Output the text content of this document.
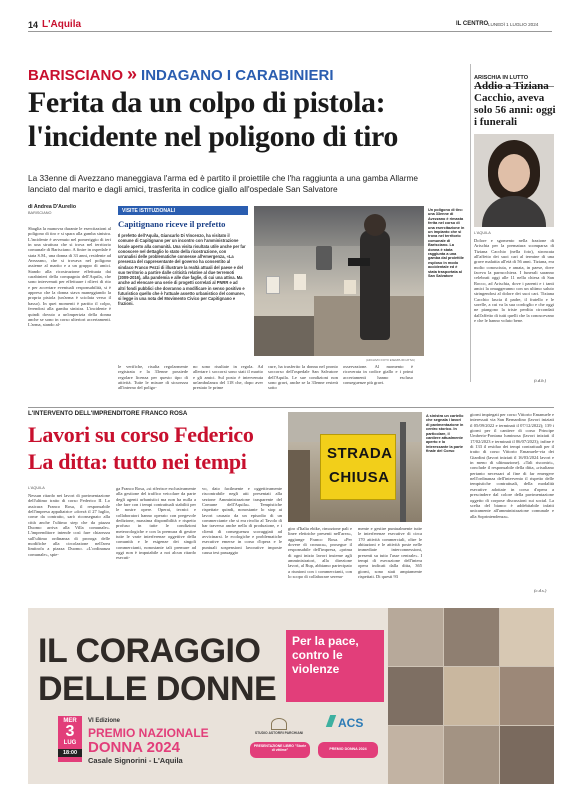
14 L'Aquila	IL CENTRO LUNEDÌ 1 LUGLIO 2024
BARISCIANO » INDAGANO I CARABINIERI
Ferita da un colpo di pistola:
l'incidente nel poligono di tiro
La 33enne di Avezzano maneggiava l'arma ed è partito il proiettile che l'ha raggiunta a una gamba Allarme lanciato dal marito e dagli amici, trasferita in codice giallo all'ospedale San Salvatore
di Andrea D'Aurelio
BARISCIANO
Sbaglia la manovra durante le esercitazioni al poligono di tiro e si spara alla gamba sinistra. L'incidente è avvenuto nel pomeriggio di ieri in una struttura che si trova nel territorio comunale di Barisciano. A finire in ospedale è stata S.M., una donna di 33 anni, residente ad Avezzano, che si trovava nel poligono assieme al marito e a un gruppo di amici. Stando alla ricostruzione effettuata dai carabinieri della compagnia dell'Aquila, che sono intervenuti per effettuare i rilievi di rito e per accertare eventuali responsabilità, si è appreso che la donna stava maneggiando la propria pistola (un'arma è sciolata verso il basso). In quei momenti è partito il colpo, ferendosi alla gamba sinistra. L'incidente è quindi dovuto a un'imperizia della donna anche se sono in corso ulteriori accertamenti. L'arma, stando al-
VISITE ISTITUZIONALI
Capitignano riceve il prefetto
Il prefetto dell'Aquila, Giancarlo Di Vincenzo, ha visitato il comune di Capitignano per un incontro con l'amministrazione locale aperto alla comunità. Una visita risultata utile anche per far conoscere nel dettaglio lo stato della ricostruzione, con un'analisi delle problematiche connesse all'emergenza, «La presenza del rappresentante del governo ha consentito al sindaco Franco Pezzi di illustrare la realtà attuali del paese e del suo territorio a partire dalle criticità relative al due terremoti (2009-2016), alla pandemia e alle due faglie, di cui una attiva. Ma anche ad elencare una serie di progetti correlati al PNRR e ad altri fondi pubblici che dovranno a modificare in senso positivo e futuristico quello che è l'attuale assetto urbanistico del comune», si legge in una nota del Movimento Civico per Capitignano e frazioni.
(ARCHIVIO FOTO ESEMPLIFICATIVA)
Un poligono di tiro: una 33enne di Avezzano è rimasta ferita nel corso di una esercitazione in un impianto che si trova nel territorio comunale di Barisciano. La donna è stata raggiunta a una gamba dal proiettile esploso in modo accidentale ed è stata trasportata al San Salvatore
le verifiche, risulta regolarmente registrata e la 33enne possiede regolare licenza per questo tipo di attività. Tutte le misure di sicurezza all'interno del poligo-
no sono risultate in regola. Ad allertare i soccorsi sono stati il marito e gli amici. Sul posto è intervenuta un'ambulanza del 118 che, dopo aver prestato le prime
cure, ha trasferito la donna nel pronto soccorso dell'ospedale San Salvatore dell'Aquila. Le sue condizioni non sono gravi, anche se la 33enne resterà sotto
osservazione. Al momento è ricoverata in codice giallo e i primi accertamenti hanno escluso conseguenze più gravi.
ARISCHIA IN LUTTO
Addio a Tiziana Cacchio, aveva solo 56 anni: oggi i funerali
L'AQUILA
Dolore e sgomento nella frazione di Arischia per la prematura scomparsa di Tiziana Cacchio (nella foto), stroncata all'affetto dei suoi cari al termine di una grave malattia all'età di 56 anni. Tiziana, era molto conosciuta, e amata, in paese, dove faceva la parrucchiera. I funerali saranno celebrati oggi alle 11 nella chiesa di San Rocco, ad Arischia, dove i parenti e i tanti amici la omaggeranno con un ultimo saluto stringendosi al dolore dei suoi cari. Tiziana Cacchio lascia il padre, il fratello e le sorelle, a cui va la sua cordoglio e che oggi ne piangono la triste perdita circondati dall'affetto di tutti quelli che la conoscevano e che le hanno voluto bene.
(t.d.b.)
L'INTERVENTO DELL'IMPRENDITORE FRANCO ROSA
Lavori su corso Federico
La ditta: tutto nei tempi
L'AQUILA
Nessun ritardo nei lavori di pavimentazione dell'ultimo tratto di corso Federico II. Lo assicura Franco Rosa, il responsabile dell'impresa appaltatrice «dovrà il 27 luglio, come da contratto, sarò riconsegnato alla città anche l'ultimo step che da piazza Duomo arriva alla Villa comunale». L'imprenditore intende così fare chiarezza sull'ultimo ordinanza di proroga delle modifiche alla circolazione nell'area limitrofa a piazza Duomo. «L'ordinanza comunale», spie-
ga Franco Rosa, «si riferisce esclusivamente alla gestione del traffico veicolare da parte degli agenti urbanistici ma non ha nulla a che fare con i tempi contrattuali stabiliti per le nostre opere. Operai, tecnici e collaboratori hanno operato con pregevole dedizione, massima disponibilità e rispetto profuso in tutte le condizioni meteorologiche e con la premura di gestire tutte le varie interferenze oggettive della comunità e le esigenze dei singoli commercianti, nonostante tali premure ad oggi non è imputabile a noi alcun ritardo esecuti-
vo, dato facilmente e oggettivamente riscontrabile negli atti presentati alla sezione Amministrazione trasparente del Comune dell'Aquila». Tempistiche rispettate quindi, nonostante lo stop ai lavori causato da un episodio di un commerciante che si era rivolto al Tavolo di bar traverso anche nella di produzione, e i clienti di conseguenza scoraggiati ad avvicinarsi. le ecologiche e problematiche esecutive emerse in corso d'opera e le puntuali sospensioni lavorative imposte causa test passaggio
STRADA
CHIUSA
A sinistra un cartello che segnala i lavori di pavimentazione in centro storico. In particolare, il cantiere attualmente aperto e lo interessante la parte finale del Corso
giro d'Italia ebike, rimozione pali e linee elettriche presenti nell'area», aggiunge Franco Rosa. «Per dovere di cronaca», prosegue il responsabile dell'impresa, «prima di ogni inizio lavori insieme agli amministratori, alla direzione lavori, al Rup, abbiamo partecipato a riunioni con i commercianti, con lo scopo di collaborare serena-
mente e gestire puntualmente tutte le interferenze esecutive di circa 170 attività commerciali, oltre le abitazioni e le attività poste nelle immediate interconnessioni, presenti su tutto l'asse centrale». I tempi di esecuzione dell'intera opera indicati dalla ditta, 365 giorni, sono stati ampiamente rispettati. Di questi 93
giorni impiegati per corso Vittorio Emanuele e interessati via San Bernardino (lavori iniziati il 05/09/2022 e terminati il 07/12/2022); 139 i giorni per il cantiere di corso Principe Umberto-Fontana luminosa (lavori iniziati il 17/02/2023 e terminati il 06/07/2023); infine è di 133 il residuo dei tempi contrattuali per il tratto di corso Vittorio Emanuele-via dei Giardini (lavori iniziati il 16/03/2024 lavori e in meno di ultimazione). «Tali riscontri», conclude il responsabile della ditta, «risultano pertanto necessari al fine di far emergere nell'ordinanza dell'intervento il rispetto delle tempistiche contrattuali, della modalità esecutive adottate in corso d'opera a prescindere dal colore della pavimentazione oggetto di corpose discussioni sui social. La scelta del bianco è addebitabile infatti unicamente all'amministrazione comunale e alla Soprintendenza».
(c.d.s.)
IL CORAGGIO
DELLE DONNE
Per la pace,
contro le
violenze
MER
3
LUG
18:00
VI Edizione
PREMIO NAZIONALE
DONNA 2024
Casale Signorini - L'Aquila
STUDIO ASTORRI PARCHIANI
ACS
PRESENTAZIONE LIBRO "Storie di vittime"	PREMIO DONNA 2024
